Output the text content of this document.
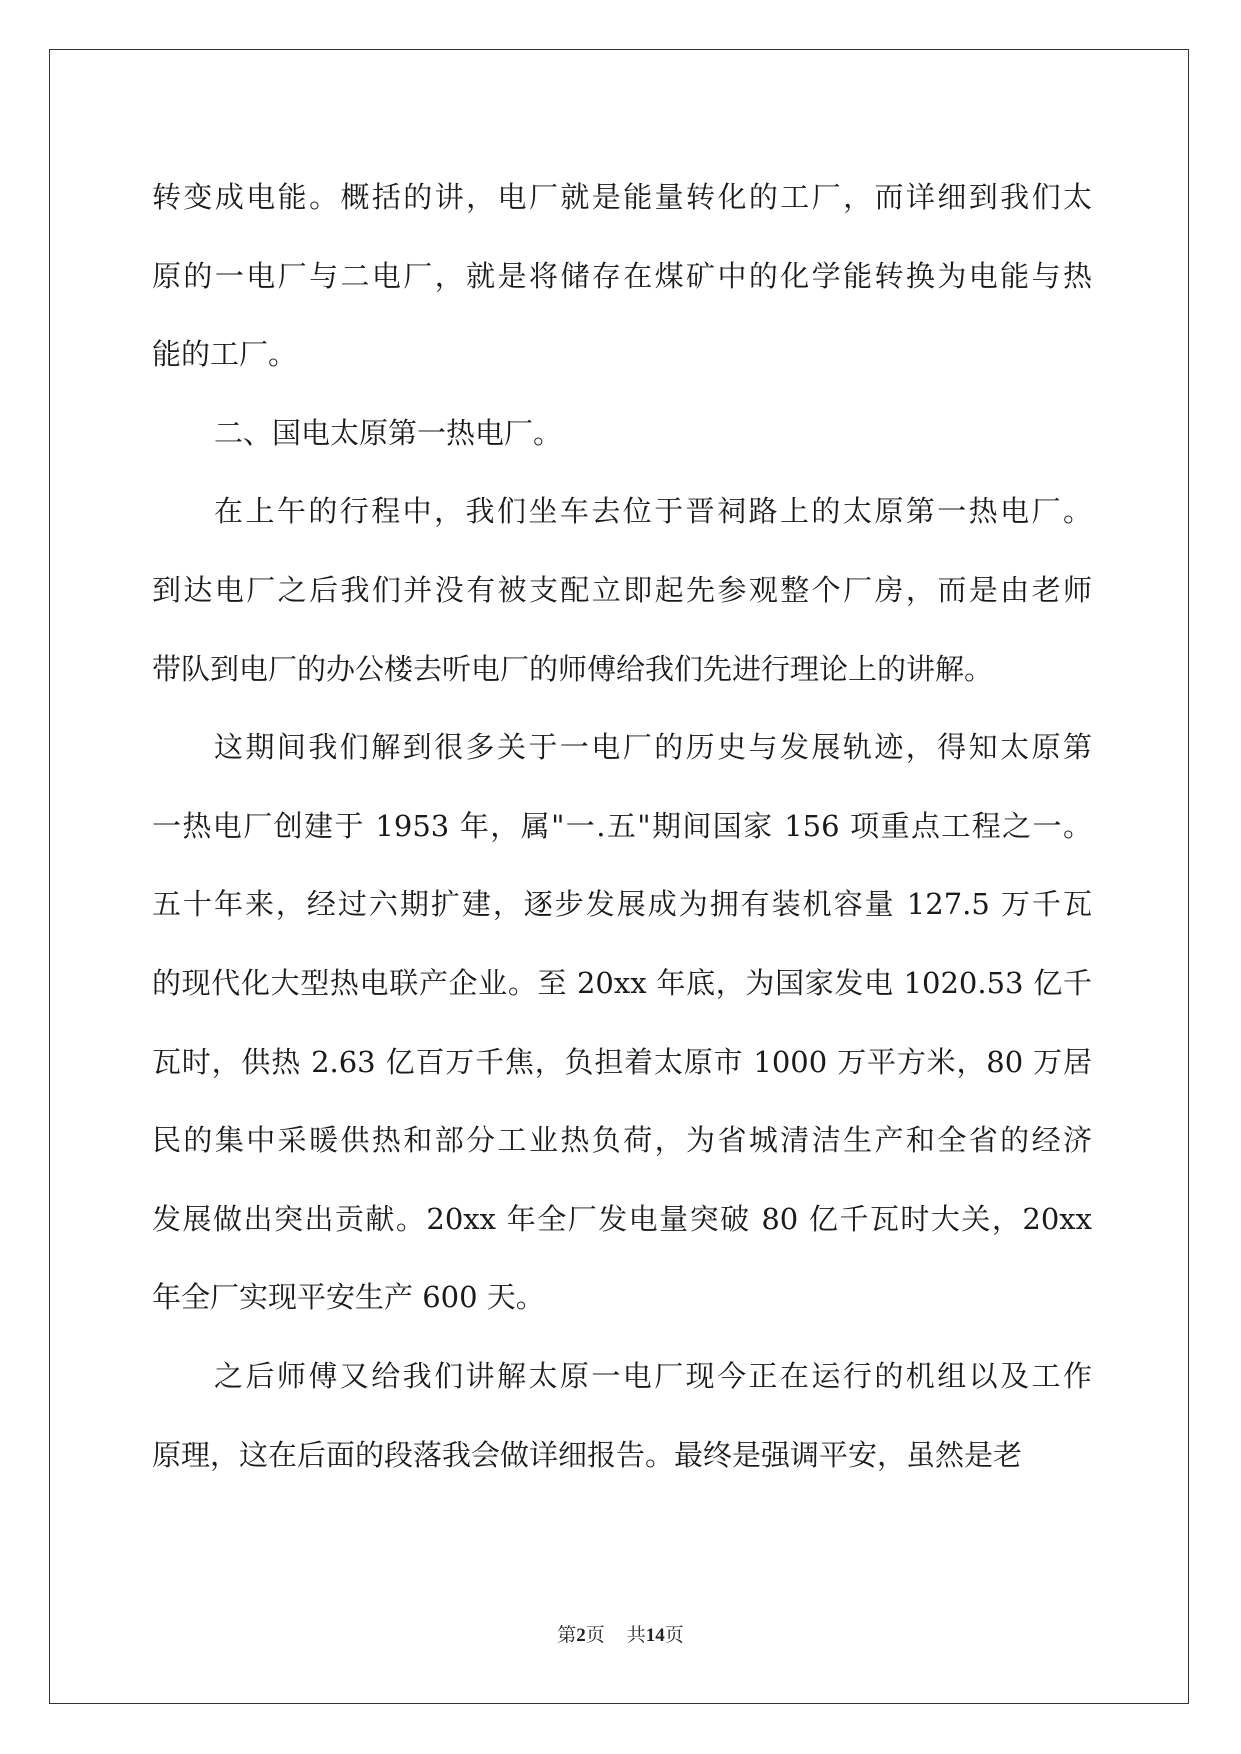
转变成电能。概括的讲，电厂就是能量转化的工厂，而详细到我们太
原的一电厂与二电厂，就是将储存在煤矿中的化学能转换为电能与热
能的工厂。
二、国电太原第一热电厂。
在上午的行程中，我们坐车去位于晋祠路上的太原第一热电厂。
到达电厂之后我们并没有被支配立即起先参观整个厂房，而是由老师
带队到电厂的办公楼去听电厂的师傅给我们先进行理论上的讲解。
这期间我们解到很多关于一电厂的历史与发展轨迹，得知太原第
一热电厂创建于 1953 年，属"一.五"期间国家 156 项重点工程之一。
五十年来，经过六期扩建，逐步发展成为拥有装机容量 127.5 万千瓦
的现代化大型热电联产企业。至 20xx 年底，为国家发电 1020.53 亿千
瓦时，供热 2.63 亿百万千焦，负担着太原市 1000 万平方米，80 万居
民的集中采暖供热和部分工业热负荷，为省城清洁生产和全省的经济
发展做出突出贡献。20xx 年全厂发电量突破 80 亿千瓦时大关，20xx
年全厂实现平安生产 600 天。
之后师傅又给我们讲解太原一电厂现今正在运行的机组以及工作
原理，这在后面的段落我会做详细报告。最终是强调平安，虽然是老
第2页 共14页
